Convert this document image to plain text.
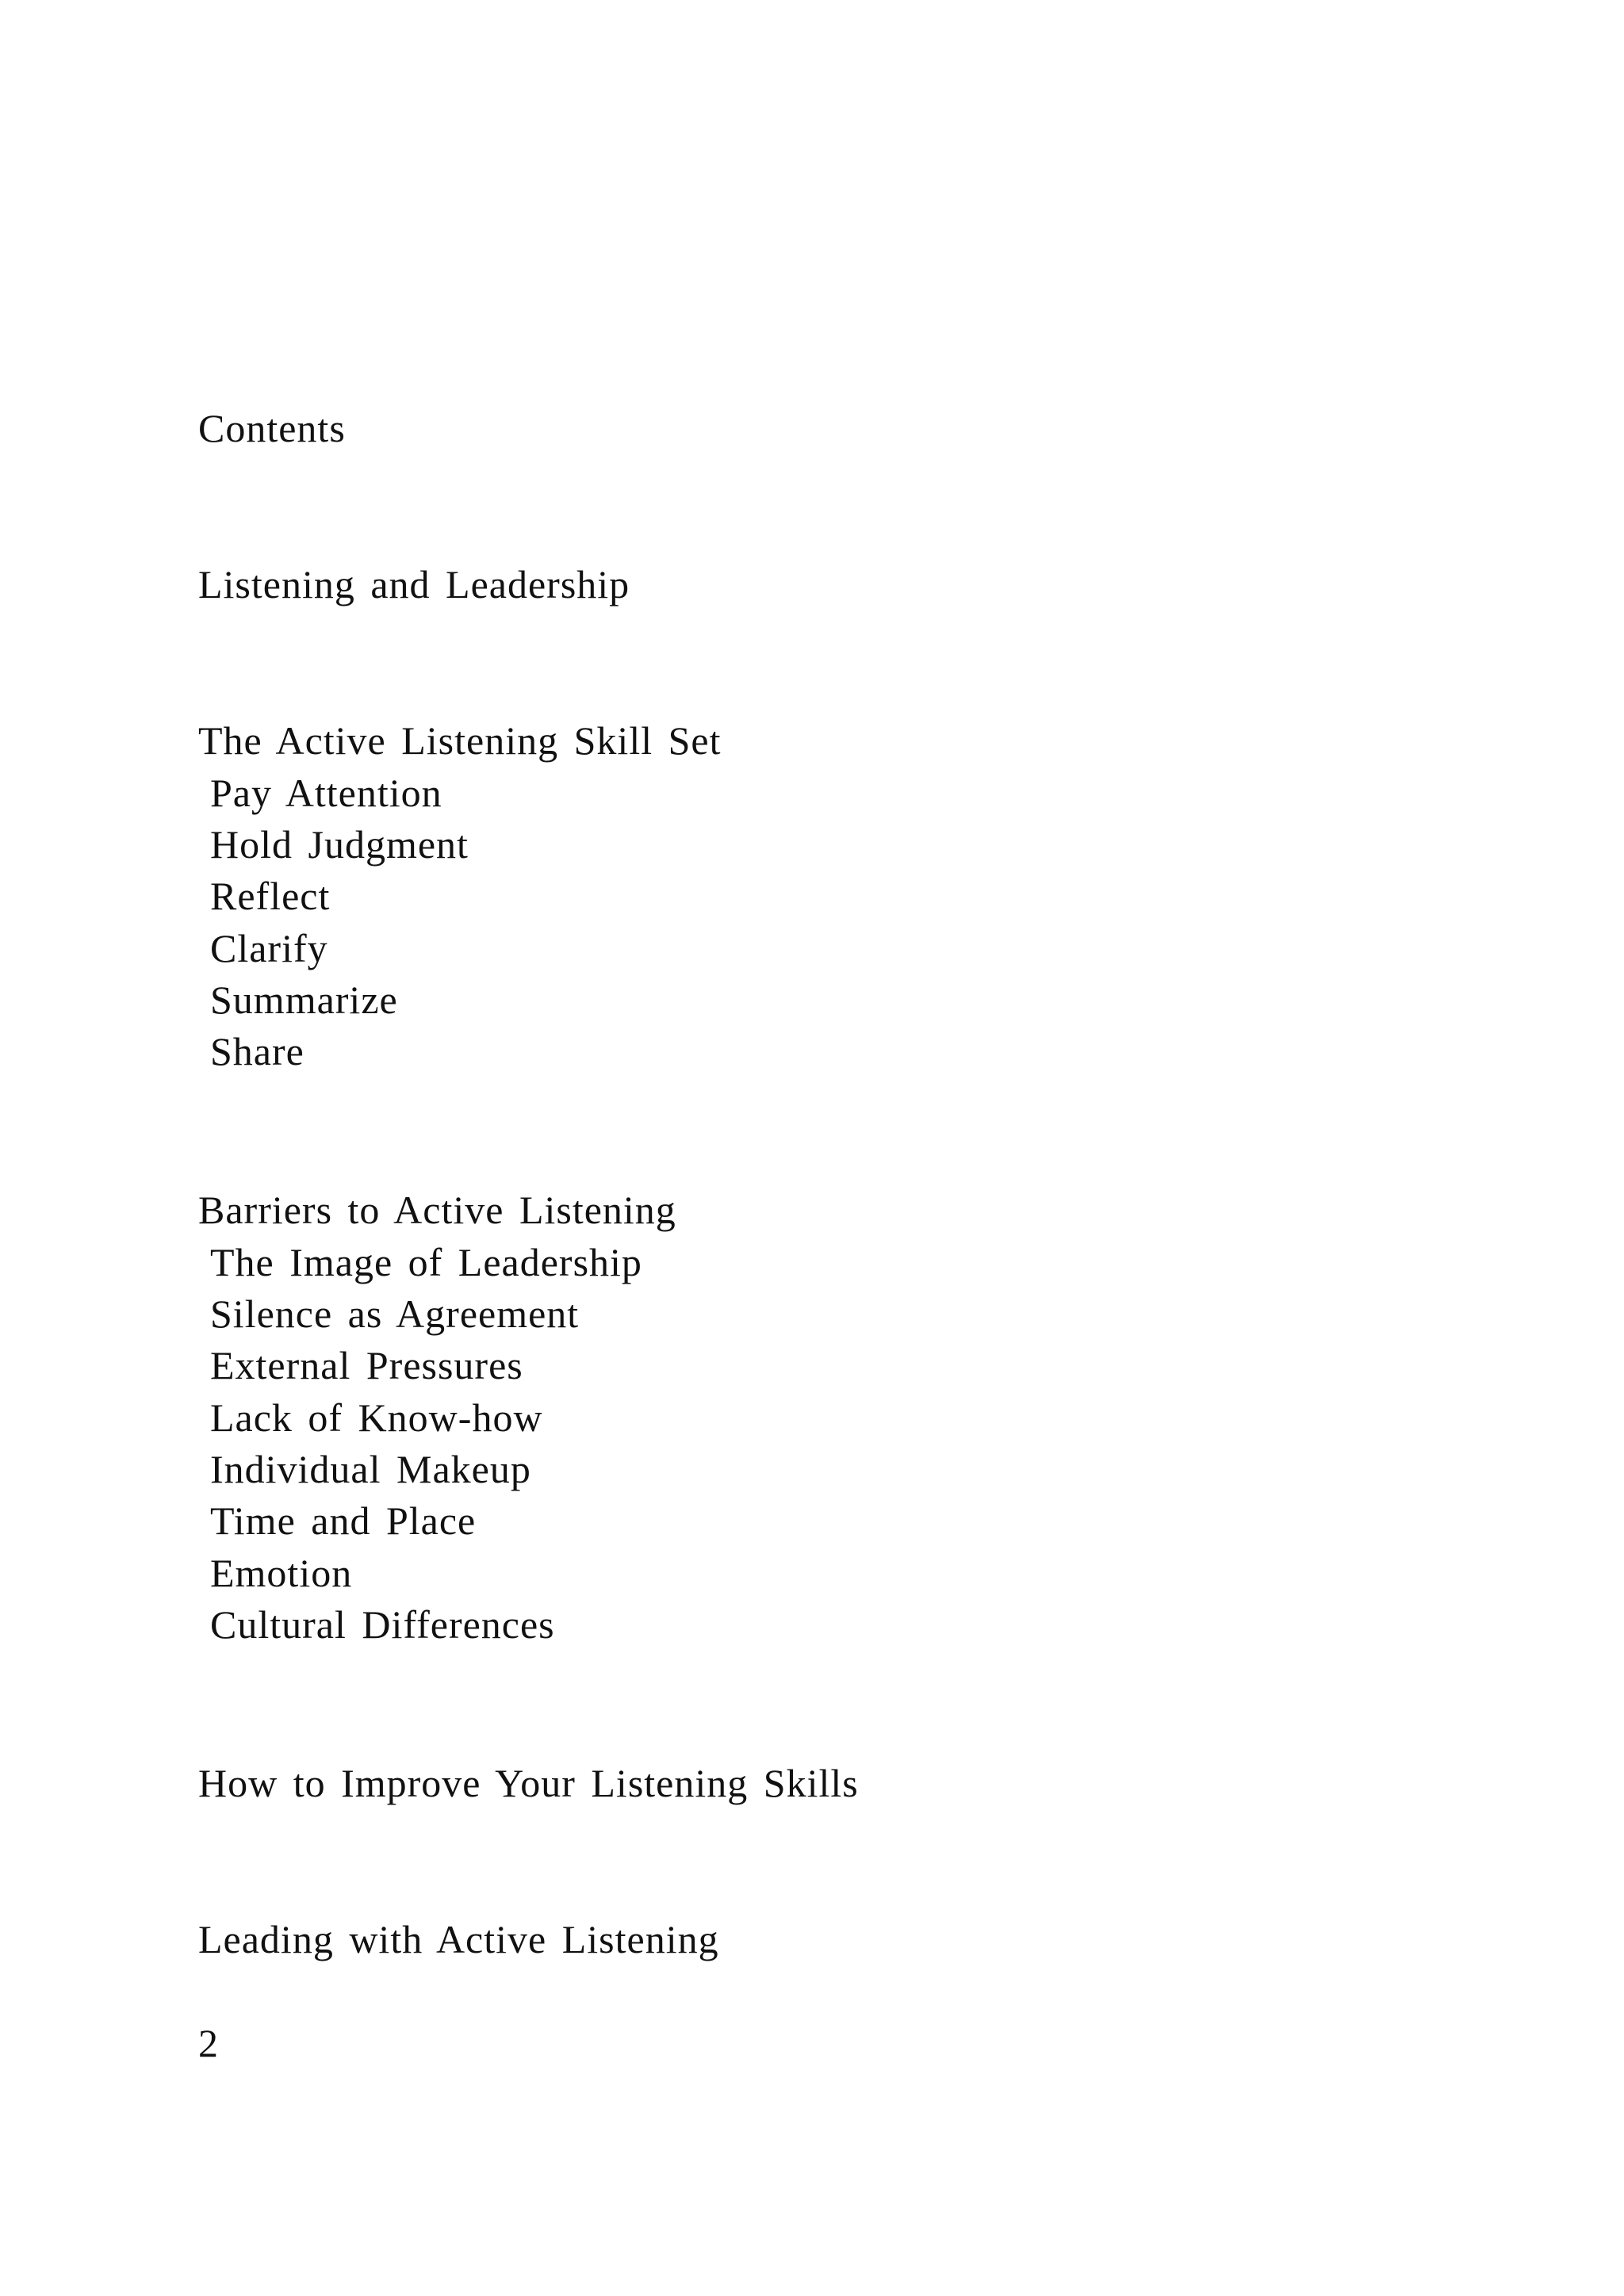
Contents
Listening and Leadership
The Active Listening Skill Set
Pay Attention
Hold Judgment
Reflect
Clarify
Summarize
Share
Barriers to Active Listening
The Image of Leadership
Silence as Agreement
External Pressures
Lack of Know-how
Individual Makeup
Time and Place
Emotion
Cultural Differences
How to Improve Your Listening Skills
Leading with Active Listening
2
